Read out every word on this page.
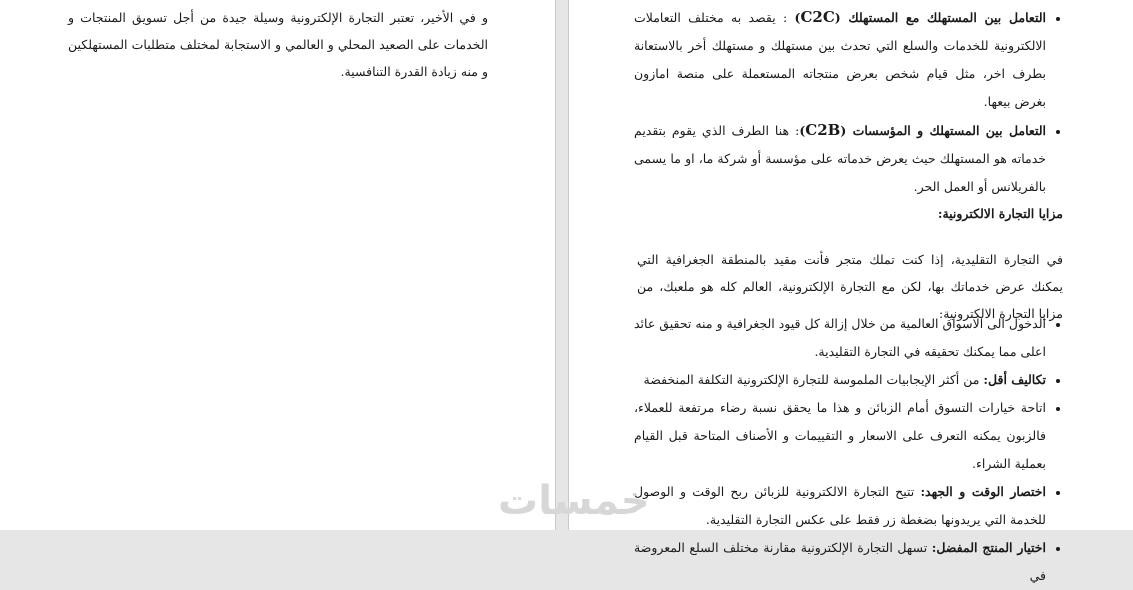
و في الأخير، تعتبر التجارة الإلكترونية وسيلة جيدة من أجل تسويق المنتجات و الخدمات على الصعيد المحلي و العالمي و الاستجابة لمختلف متطلبات المستهلكين و منه زيادة القدرة التنافسية.
• التعامل بين المستهلك مع المستهلك (C2C) : يقصد به مختلف التعاملات الالكترونية للخدمات والسلع التي تحدث بين مستهلك و مستهلك أخر بالاستعانة بطرف اخر، مثل قيام شخص بعرض منتجاته المستعملة على منصة امازون بغرض بيعها.
• التعامل بين المستهلك و المؤسسات (C2B): هنا الطرف الذي يقوم بتقديم خدماته هو المستهلك حيث يعرض خدماته على مؤسسة أو شركة ما، او ما يسمى بالفريلانس أو العمل الحر.
مزايا التجارة الالكترونية:
في التجارة التقليدية، إذا كنت تملك متجر فأنت مقيد بالمنطقة الجغرافية التي يمكنك عرض خدماتك بها، لكن مع التجارة الإلكترونية، العالم كله هو ملعبك، من مزايا التجارة الالكترونية:
• الدخول الى الاسواق العالمية من خلال إزالة كل قيود الجغرافية و منه تحقيق عائد اعلى مما يمكنك تحقيقه في التجارة التقليدية.
• تكاليف أقل: من أكثر الإيجابيات الملموسة للتجارة الإلكترونية التكلفة المنخفضة
• اتاحة خيارات التسوق أمام الزبائن و هذا ما يحقق نسبة رضاء مرتفعة للعملاء، فالزبون يمكنه التعرف على الاسعار و التقييمات و الأصناف المتاحة قبل القيام بعملية الشراء.
• اختصار الوقت و الجهد: تتيح التجارة الالكترونية للزبائن ربح الوقت و الوصول للخدمة التي يريدونها بضغطة زر فقط على عكس التجارة التقليدية.
• اختيار المنتج المفضل: تسهل التجارة الإلكترونية مقارنة مختلف السلع المعروضة في
خمسات
